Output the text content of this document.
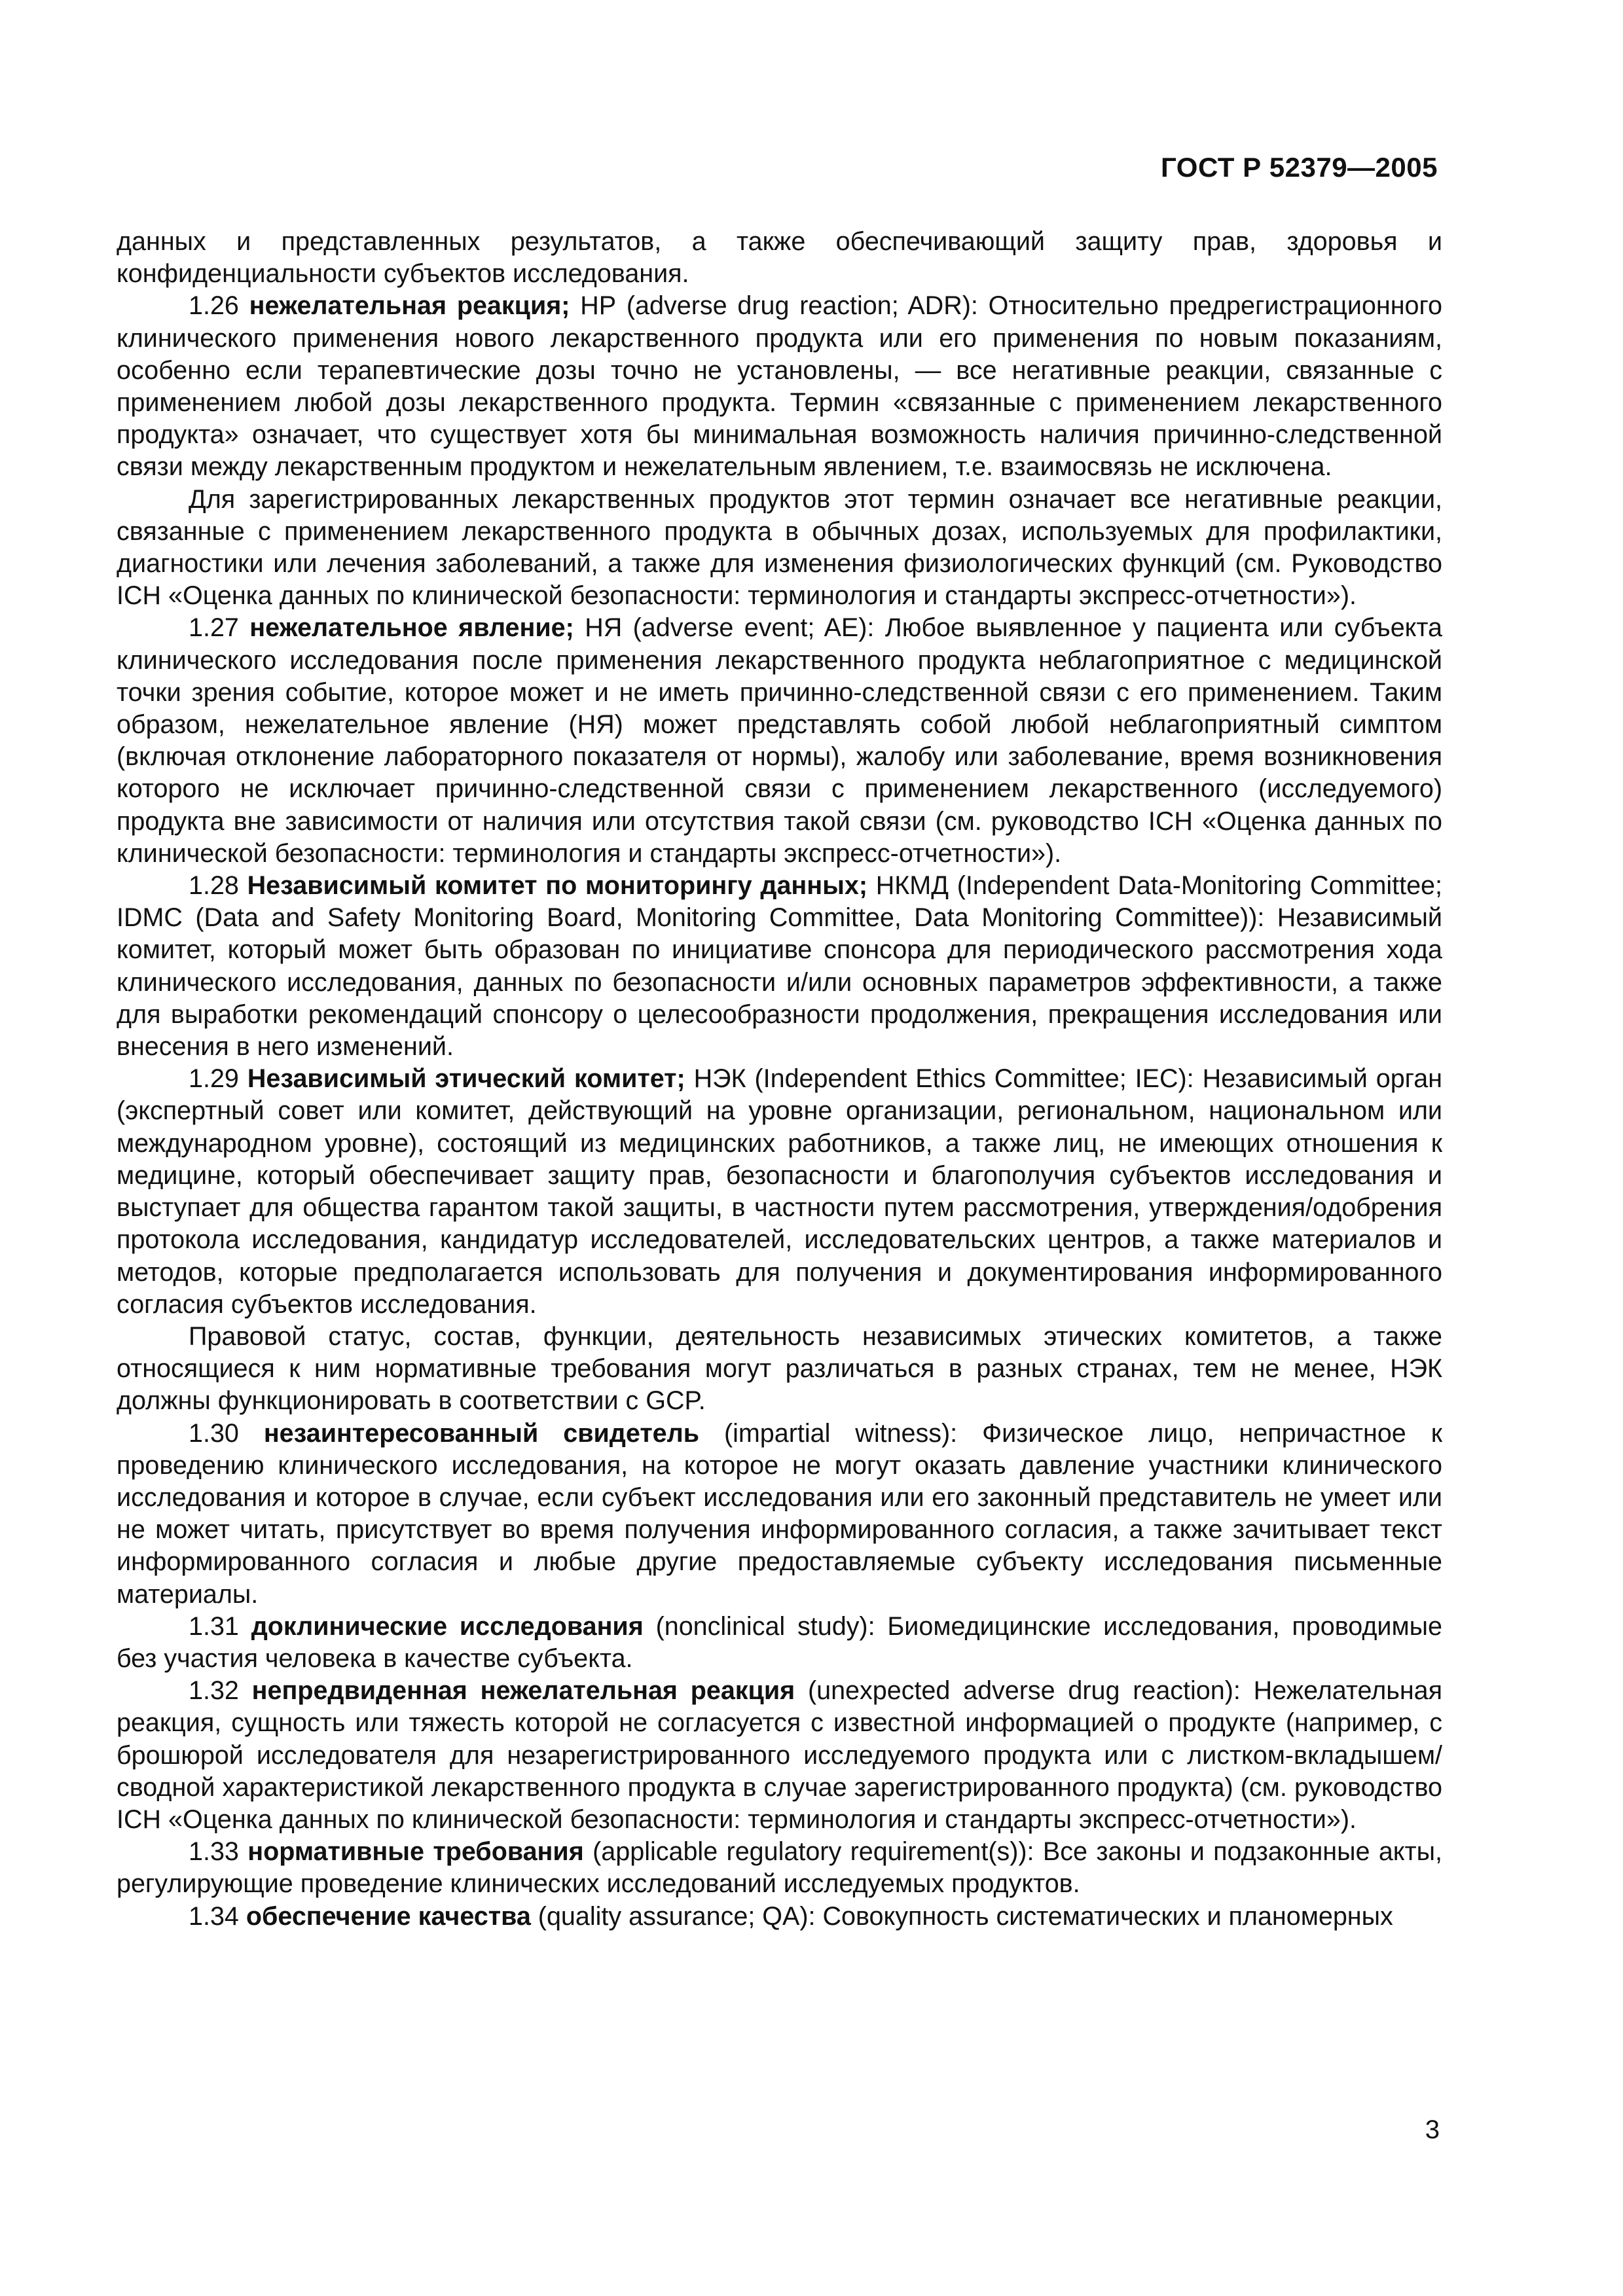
ГОСТ Р 52379—2005

данных и представленных результатов, а также обеспечивающий защиту прав, здоровья и конфиденциальности субъектов исследования.

1.26 нежелательная реакция; НР (adverse drug reaction; ADR): Относительно предрегистрационного клинического применения нового лекарственного продукта или его применения по новым показаниям, особенно если терапевтические дозы точно не установлены, — все негативные реакции, связанные с применением любой дозы лекарственного продукта. Термин «связанные с применением лекарственного продукта» означает, что существует хотя бы минимальная возможность наличия причинно-следственной связи между лекарственным продуктом и нежелательным явлением, т.е. взаимосвязь не исключена.

Для зарегистрированных лекарственных продуктов этот термин означает все негативные реакции, связанные с применением лекарственного продукта в обычных дозах, используемых для профилактики, диагностики или лечения заболеваний, а также для изменения физиологических функций (см. Руководство ICH «Оценка данных по клинической безопасности: терминология и стандарты экспресс-отчетности»).

1.27 нежелательное явление; НЯ (adverse event; AE): Любое выявленное у пациента или субъекта клинического исследования после применения лекарственного продукта неблагоприятное с медицинской точки зрения событие, которое может и не иметь причинно-следственной связи с его применением. Таким образом, нежелательное явление (НЯ) может представлять собой любой неблагоприятный симптом (включая отклонение лабораторного показателя от нормы), жалобу или заболевание, время возникновения которого не исключает причинно-следственной связи с применением лекарственного (исследуемого) продукта вне зависимости от наличия или отсутствия такой связи (см. руководство ICH «Оценка данных по клинической безопасности: терминология и стандарты экспресс-отчетности»).

1.28 Независимый комитет по мониторингу данных; НКМД (Independent Data-Monitoring Committee; IDMC (Data and Safety Monitoring Board, Monitoring Committee, Data Monitoring Committee)): Независимый комитет, который может быть образован по инициативе спонсора для периодического рассмотрения хода клинического исследования, данных по безопасности и/или основных параметров эффективности, а также для выработки рекомендаций спонсору о целесообразности продолжения, прекращения исследования или внесения в него изменений.

1.29 Независимый этический комитет; НЭК (Independent Ethics Committee; IEC): Независимый орган (экспертный совет или комитет, действующий на уровне организации, региональном, национальном или международном уровне), состоящий из медицинских работников, а также лиц, не имеющих отношения к медицине, который обеспечивает защиту прав, безопасности и благополучия субъектов исследования и выступает для общества гарантом такой защиты, в частности путем рассмотрения, утверждения/одобрения протокола исследования, кандидатур исследователей, исследовательских центров, а также материалов и методов, которые предполагается использовать для получения и документирования информированного согласия субъектов исследования.

Правовой статус, состав, функции, деятельность независимых этических комитетов, а также относящиеся к ним нормативные требования могут различаться в разных странах, тем не менее, НЭК должны функционировать в соответствии с GCP.

1.30 незаинтересованный свидетель (impartial witness): Физическое лицо, непричастное к проведению клинического исследования, на которое не могут оказать давление участники клинического исследования и которое в случае, если субъект исследования или его законный представитель не умеет или не может читать, присутствует во время получения информированного согласия, а также зачитывает текст информированного согласия и любые другие предоставляемые субъекту исследования письменные материалы.

1.31 доклинические исследования (nonclinical study): Биомедицинские исследования, проводимые без участия человека в качестве субъекта.

1.32 непредвиденная нежелательная реакция (unexpected adverse drug reaction): Нежелательная реакция, сущность или тяжесть которой не согласуется с известной информацией о продукте (например, с брошюрой исследователя для незарегистрированного исследуемого продукта или с листком-вкладышем/сводной характеристикой лекарственного продукта в случае зарегистрированного продукта) (см. руководство ICH «Оценка данных по клинической безопасности: терминология и стандарты экспресс-отчетности»).

1.33 нормативные требования (applicable regulatory requirement(s)): Все законы и подзаконные акты, регулирующие проведение клинических исследований исследуемых продуктов.

1.34 обеспечение качества (quality assurance; QA): Совокупность систематических и планомерных

3
